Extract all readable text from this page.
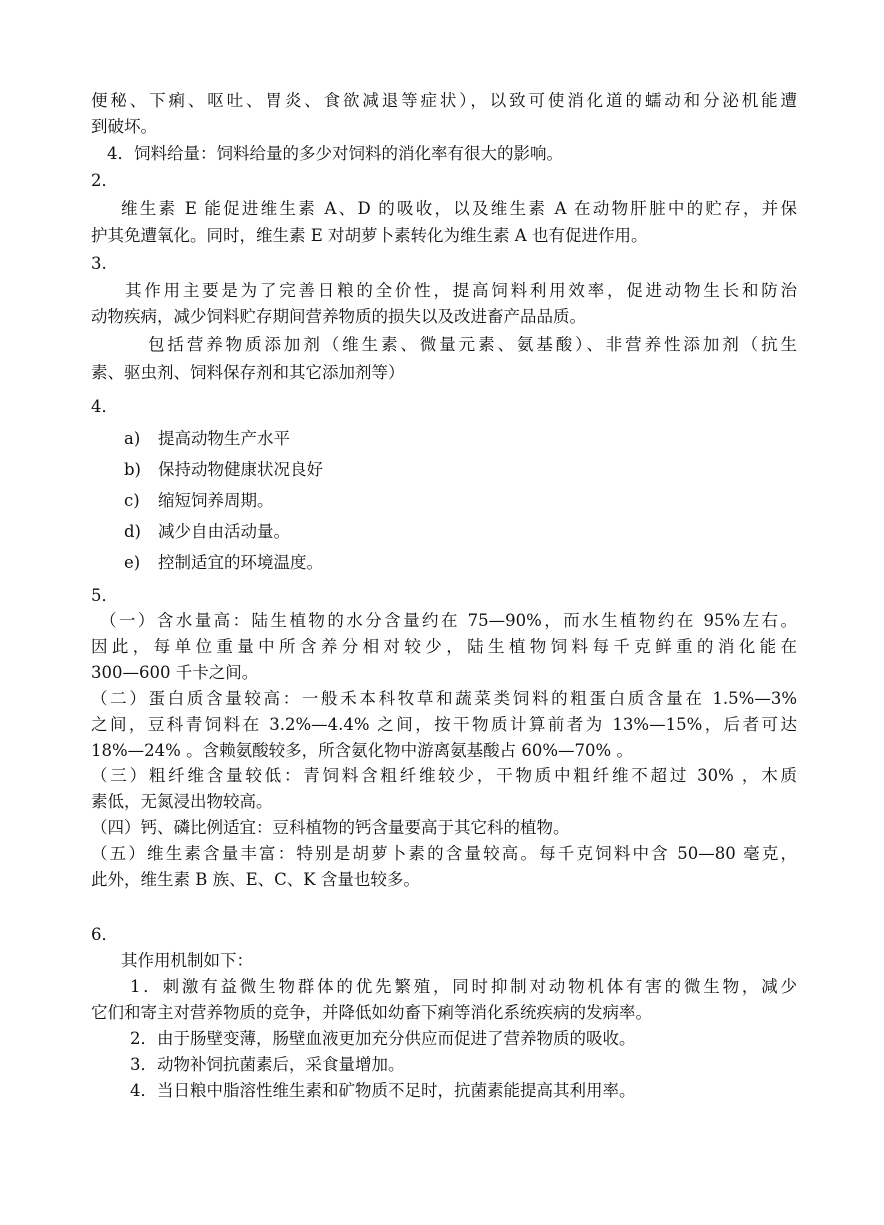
便秘、下痢、呕吐、胃炎、食欲减退等症状），以致可使消化道的蠕动和分泌机能遭
到破坏。
4．饲料给量：饲料给量的多少对饲料的消化率有很大的影响。
2．
维生素 E 能促进维生素 A、D 的吸收，以及维生素 A 在动物肝脏中的贮存，并保
护其免遭氧化。同时，维生素 E 对胡萝卜素转化为维生素 A 也有促进作用。
3.
其作用主要是为了完善日粮的全价性，提高饲料利用效率，促进动物生长和防治
动物疾病，减少饲料贮存期间营养物质的损失以及改进畜产品品质。
包括营养物质添加剂（维生素、微量元素、氨基酸）、非营养性添加剂（抗生
素、驱虫剂、饲料保存剂和其它添加剂等）
4．
a) 提高动物生产水平
b) 保持动物健康状况良好
c) 缩短饲养周期。
d) 减少自由活动量。
e) 控制适宜的环境温度。
5．
（一）含水量高：陆生植物的水分含量约在 75—90%，而水生植物约在 95%左右。
因此，每单位重量中所含养分相对较少，陆生植物饲料每千克鲜重的消化能在
300—600 千卡之间。
（二）蛋白质含量较高：一般禾本科牧草和蔬菜类饲料的粗蛋白质含量在 1.5%—3%
之间，豆科青饲料在 3.2%—4.4% 之间，按干物质计算前者为 13%—15%，后者可达
18%—24% 。含赖氨酸较多，所含氨化物中游离氨基酸占 60%—70% 。
（三）粗纤维含量较低：青饲料含粗纤维较少，干物质中粗纤维不超过 30% ，木质
素低，无氮浸出物较高。
（四）钙、磷比例适宜：豆科植物的钙含量要高于其它科的植物。
（五）维生素含量丰富：特别是胡萝卜素的含量较高。每千克饲料中含 50—80 毫克，
此外，维生素 B 族、E、C、K 含量也较多。
6．
其作用机制如下：
1．刺激有益微生物群体的优先繁殖，同时抑制对动物机体有害的微生物，减少
它们和寄主对营养物质的竞争，并降低如幼畜下痢等消化系统疾病的发病率。
2．由于肠壁变薄，肠壁血液更加充分供应而促进了营养物质的吸收。
3．动物补饲抗菌素后，采食量增加。
4．当日粮中脂溶性维生素和矿物质不足时，抗菌素能提高其利用率。
